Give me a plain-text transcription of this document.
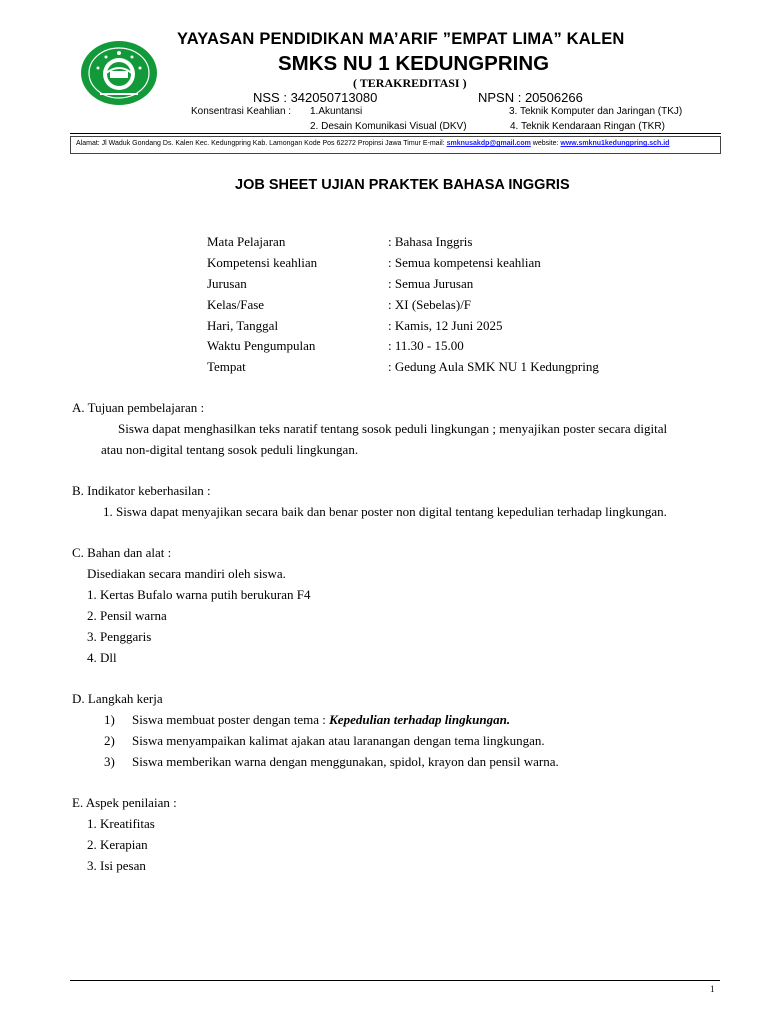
YAYASAN PENDIDIKAN MA’ARIF ”EMPAT LIMA” KALEN
SMKS NU 1 KEDUNGPRING
( TERAKREDITASI )
NSS : 342050713080	NPSN : 20506266
Konsentrasi Keahlian : 1.Akuntansi	3. Teknik Komputer dan Jaringan (TKJ)
2. Desain Komunikasi Visual (DKV)	4. Teknik Kendaraan Ringan (TKR)
Alamat: Jl Waduk Gondang Ds. Kalen Kec. Kedungpring Kab. Lamongan Kode Pos 62272 Propinsi Jawa Timur E-mail: smknusakdp@gmail.com website: www.smknu1kedungpring.sch.id
JOB SHEET UJIAN PRAKTEK BAHASA INGGRIS
Mata Pelajaran	: Bahasa Inggris
Kompetensi keahlian	: Semua kompetensi keahlian
Jurusan	: Semua Jurusan
Kelas/Fase	: XI (Sebelas)/F
Hari, Tanggal	: Kamis, 12 Juni 2025
Waktu Pengumpulan	: 11.30 - 15.00
Tempat	: Gedung Aula SMK NU 1 Kedungpring
A. Tujuan pembelajaran :
Siswa dapat menghasilkan teks naratif tentang sosok peduli lingkungan ; menyajikan poster secara digital
atau non-digital tentang sosok peduli lingkungan.
B. Indikator keberhasilan :
1. Siswa dapat menyajikan secara baik dan benar poster non digital tentang kepedulian terhadap lingkungan.
C. Bahan dan alat :
Disediakan secara mandiri oleh siswa.
1. Kertas Bufalo warna putih berukuran F4
2. Pensil warna
3. Penggaris
4. Dll
D. Langkah kerja
1) Siswa membuat poster dengan tema : Kepedulian terhadap lingkungan.
2) Siswa menyampaikan kalimat ajakan atau laranangan dengan tema lingkungan.
3) Siswa memberikan warna dengan menggunakan, spidol, krayon dan pensil warna.
E. Aspek penilaian :
1. Kreatifitas
2. Kerapian
3. Isi pesan
1
